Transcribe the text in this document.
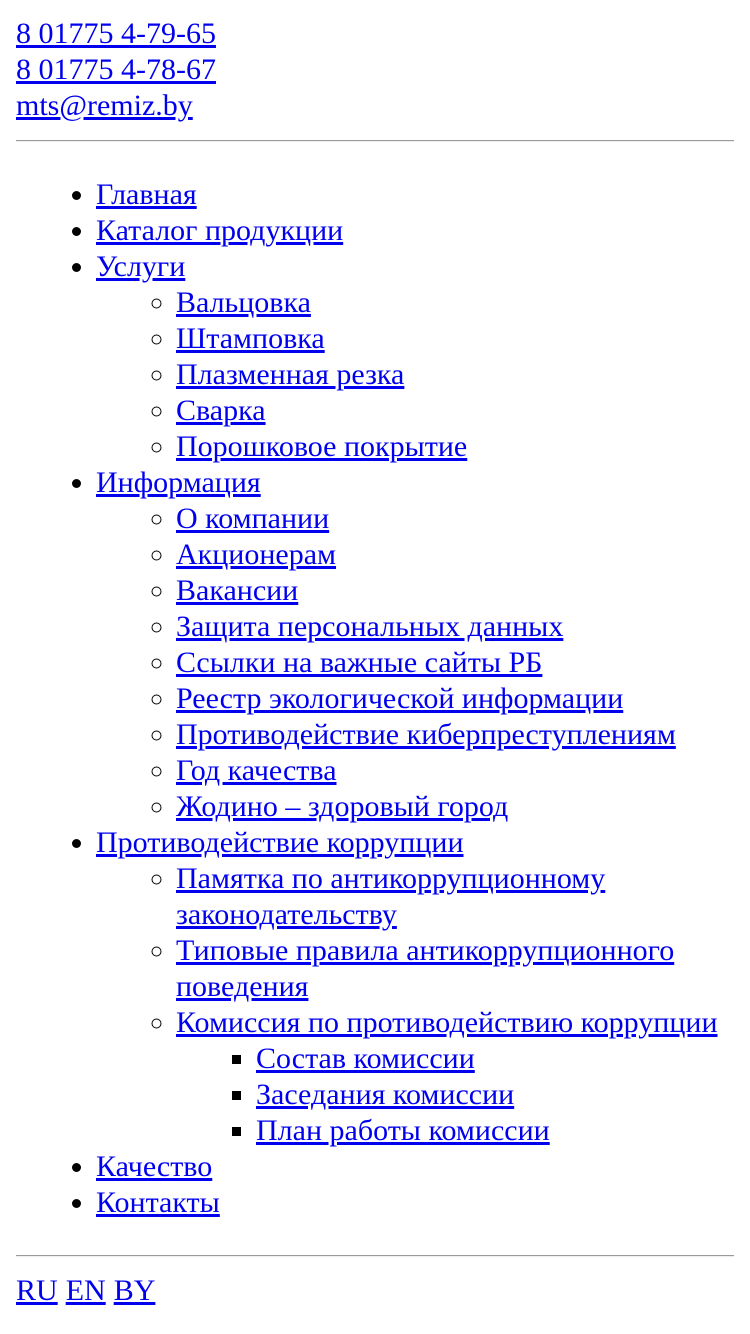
8 01775 4-79-65
8 01775 4-78-67
mts@remiz.by
• Главная
• Каталог продукции
• Услуги
◦ Вальцовка
◦ Штамповка
◦ Плазменная резка
◦ Сварка
◦ Порошковое покрытие
• Информация
◦ О компании
◦ Акционерам
◦ Вакансии
◦ Защита персональных данных
◦ Ссылки на важные сайты РБ
◦ Реестр экологической информации
◦ Противодействие киберпреступлениям
◦ Год качества
◦ Жодино – здоровый город
• Противодействие коррупции
◦ Памятка по антикоррупционному законодательству
◦ Типовые правила антикоррупционного поведения
◦ Комиссия по противодействию коррупции
▪ Состав комиссии
▪ Заседания комиссии
▪ План работы комиссии
• Качество
• Контакты
RU EN BY
